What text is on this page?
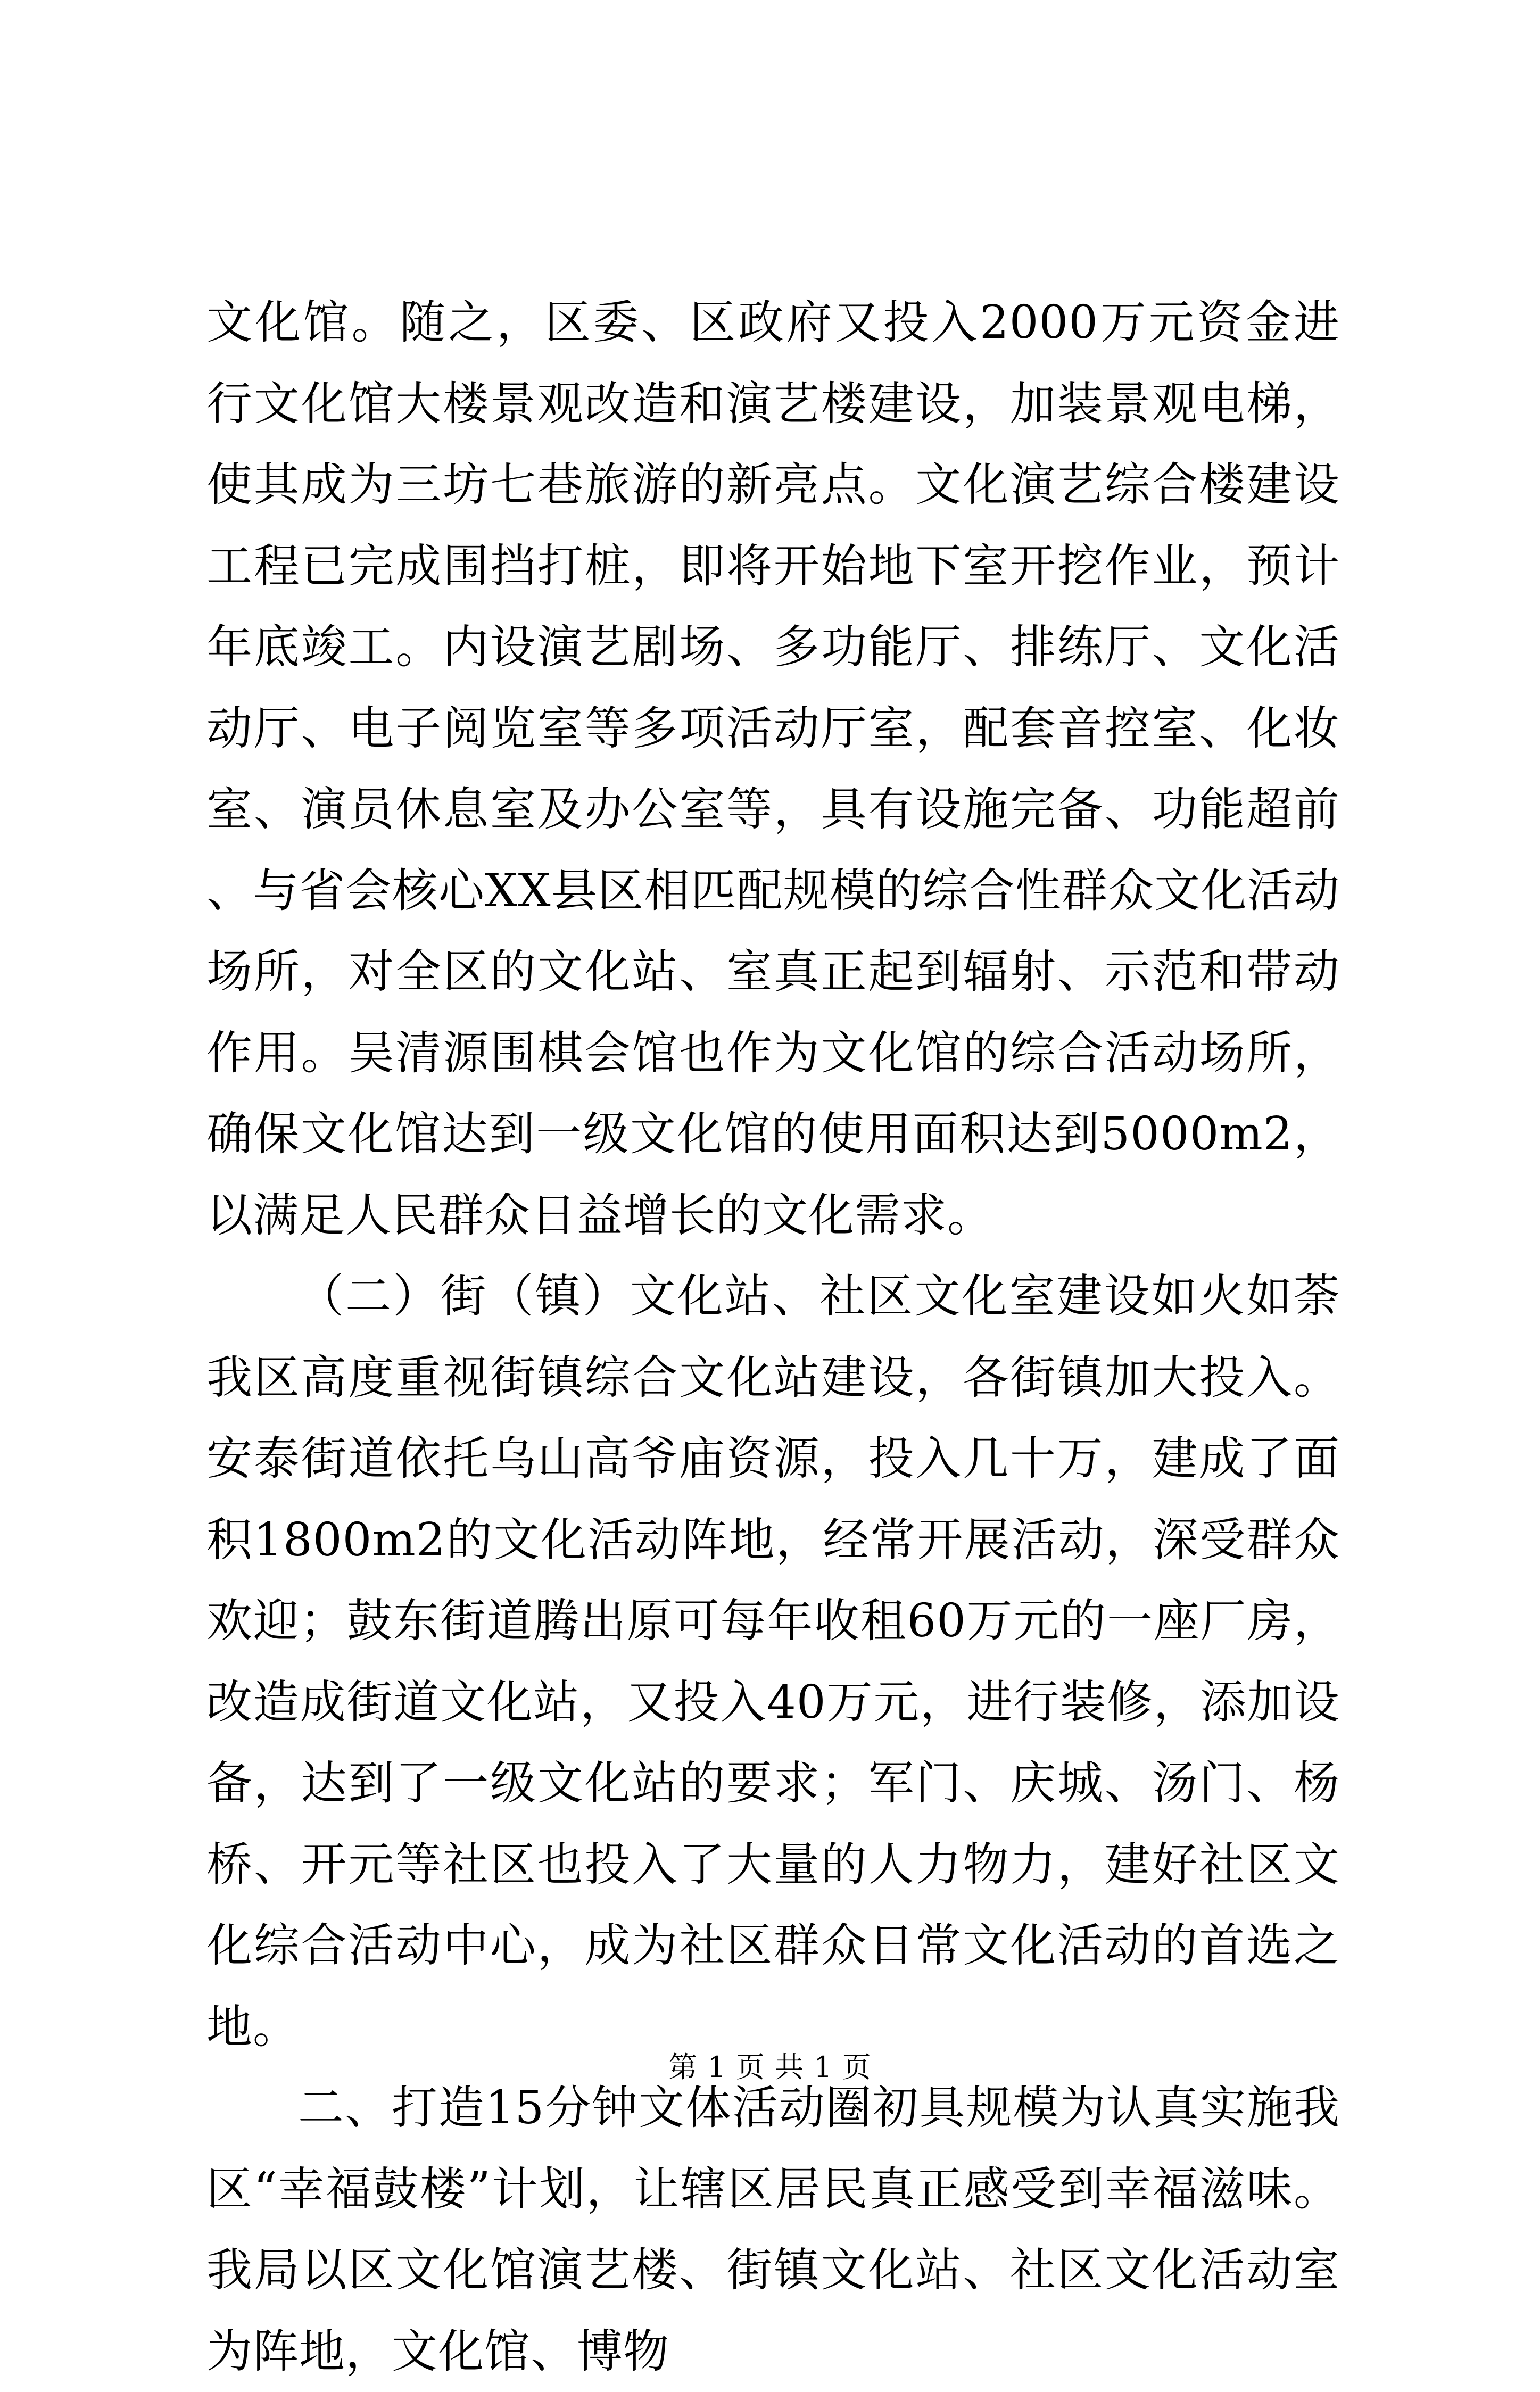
文化馆。随之，区委、区政府又投入2000万元资金进行文化馆大楼景观改造和演艺楼建设，加装景观电梯，使其成为三坊七巷旅游的新亮点。文化演艺综合楼建设工程已完成围挡打桩，即将开始地下室开挖作业，预计年底竣工。内设演艺剧场、多功能厅、排练厅、文化活动厅、电子阅览室等多项活动厅室，配套音控室、化妆室、演员休息室及办公室等，具有设施完备、功能超前、与省会核心XX县区相匹配规模的综合性群众文化活动场所，对全区的文化站、室真正起到辐射、示范和带动作用。吴清源围棋会馆也作为文化馆的综合活动场所，确保文化馆达到一级文化馆的使用面积达到5000m2，以满足人民群众日益增长的文化需求。

（二）街（镇）文化站、社区文化室建设如火如荼我区高度重视街镇综合文化站建设，各街镇加大投入。安泰街道依托乌山高爷庙资源，投入几十万，建成了面积1800m2的文化活动阵地，经常开展活动，深受群众欢迎；鼓东街道腾出原可每年收租60万元的一座厂房，改造成街道文化站，又投入40万元，进行装修，添加设备，达到了一级文化站的要求；军门、庆城、汤门、杨桥、开元等社区也投入了大量的人力物力，建好社区文化综合活动中心，成为社区群众日常文化活动的首选之地。

二、打造15分钟文体活动圈初具规模为认真实施我区“幸福鼓楼”计划，让辖区居民真正感受到幸福滋味。我局以区文化馆演艺楼、街镇文化站、社区文化活动室为阵地，文化馆、博物

第 1 页 共 1 页
